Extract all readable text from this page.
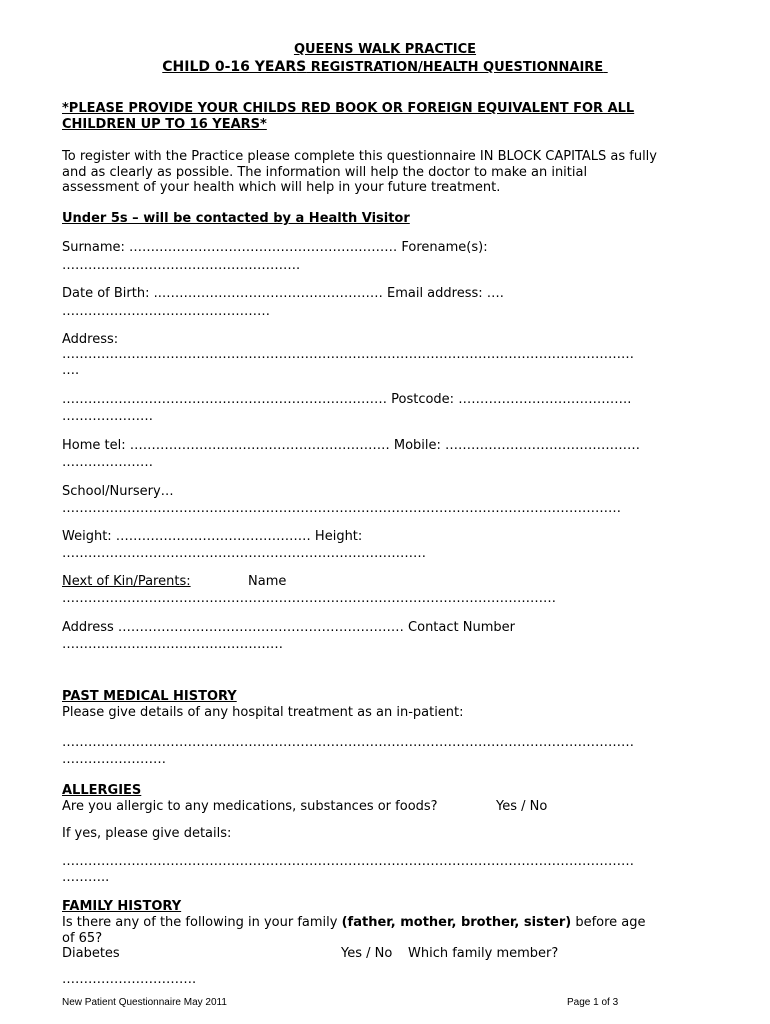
QUEENS WALK PRACTICE

CHILD 0-16 YEARS REGISTRATION/HEALTH QUESTIONNAIRE

*PLEASE PROVIDE YOUR CHILDS RED BOOK OR FOREIGN EQUIVALENT FOR ALL

CHILDREN UP TO 16 YEARS*

To register with the Practice please complete this questionnaire IN BLOCK CAPITALS as fully

and as clearly as possible. The information will help the doctor to make an initial

assessment of your health which will help in your future treatment.

Under 5s – will be contacted by a Health Visitor

Surname: …….……………………………………….……… Forename(s):

……………………………………………….

Date of Birth: ..…………………………………………… Email address: ….

…………………………………………

Address:

……………………………………………………………………………………………………………………

….

………………………………………………………………… Postcode: ………………………………….

…………………

Home tel: …………………………………………………… Mobile: ………………………………………

…………………

School/Nursery…

…………………………………………………………………………………………………………………

Weight: ……………………………………… Height:

…………………………………………………………………………

Next of Kin/Parents:	Name

……………………………………………………………………………………………………

Address ………………………………………………………… Contact Number

……………………………………………

PAST MEDICAL HISTORY

Please give details of any hospital treatment as an in-patient:

……………………………………………………………………………………………………………………

……………………

ALLERGIES

Are you allergic to any medications, substances or foods?	Yes / No

If yes, please give details:

……………………………………………………………………………………………………………………

………..

FAMILY HISTORY

Is there any of the following in your family (father, mother, brother, sister) before age

of 65?

Diabetes	Yes / No Which family member?

………………………….

New Patient Questionnaire May 2011	Page 1 of 3
